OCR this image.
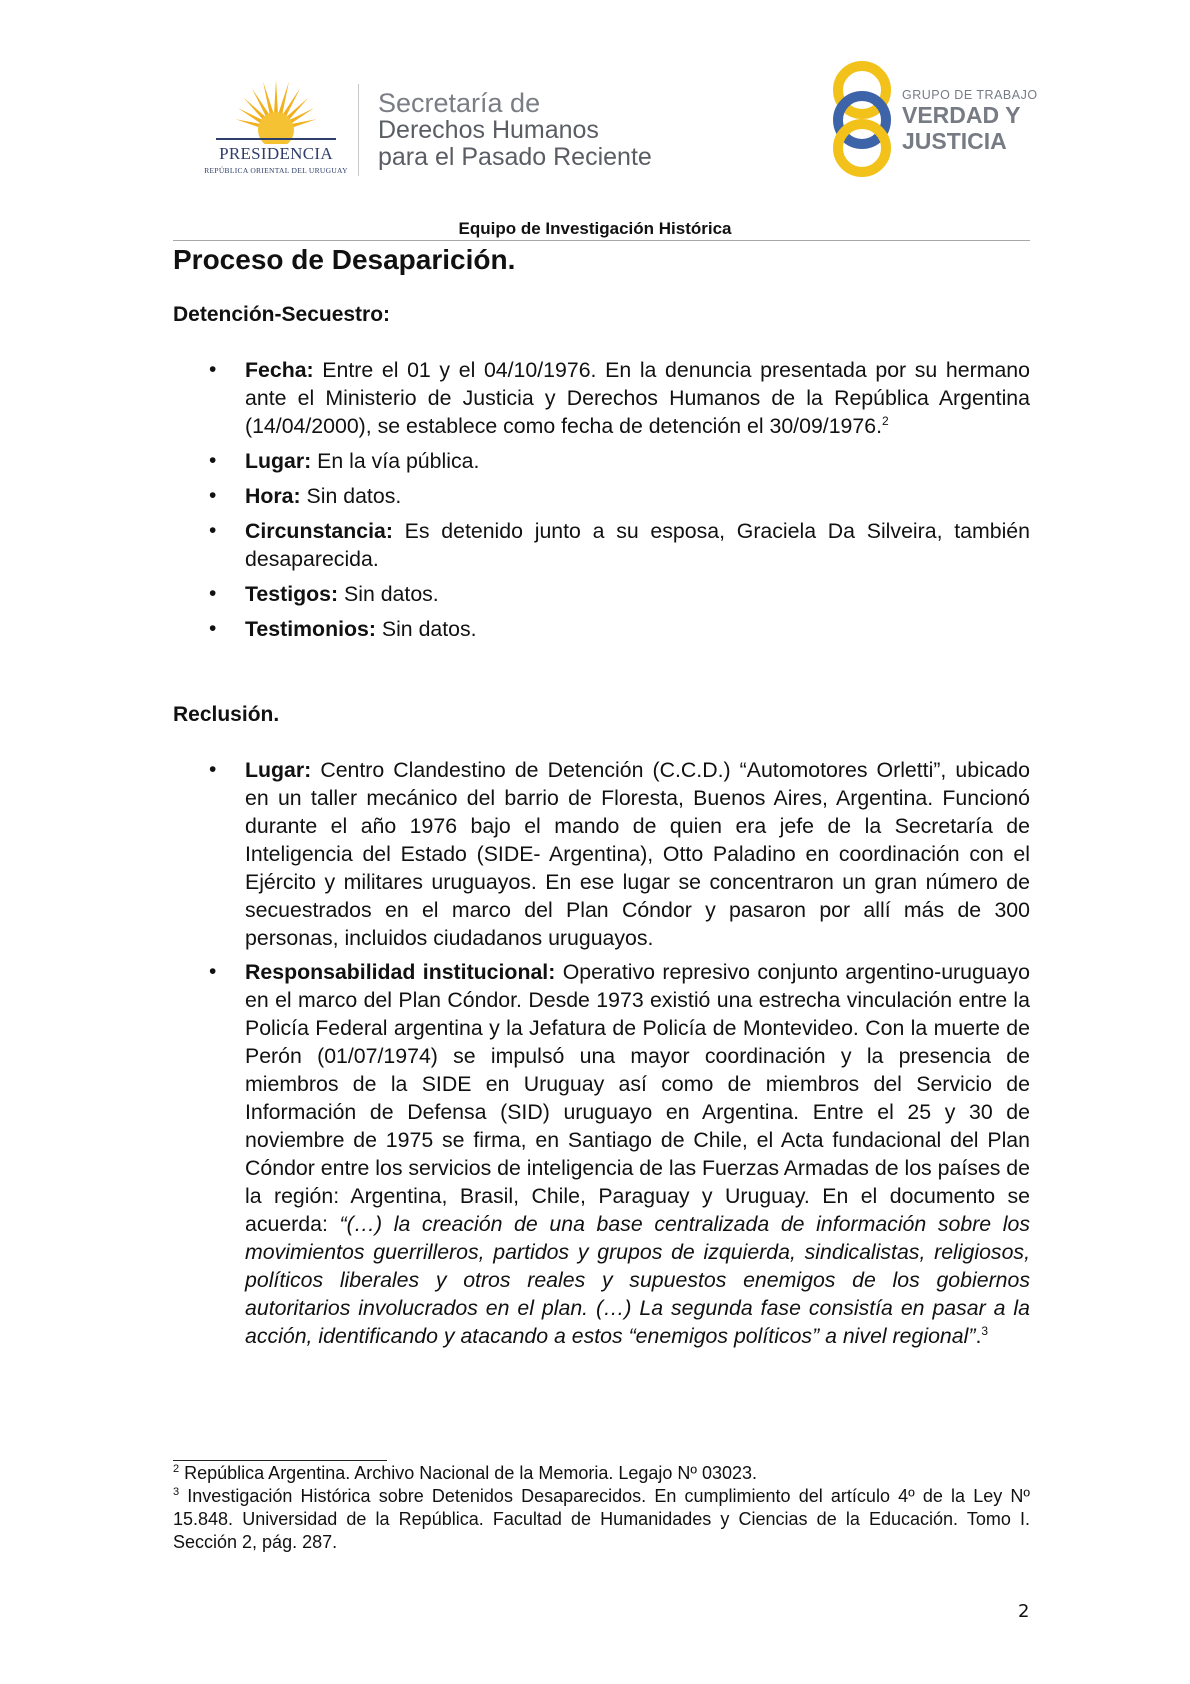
PRESIDENCIA
REPÚBLICA ORIENTAL DEL URUGUAY
Secretaría de
Derechos Humanos
para el Pasado Reciente
GRUPO DE TRABAJO
VERDAD Y
JUSTICIA
Equipo de Investigación Histórica
Proceso de Desaparición.
Detención-Secuestro:
• Fecha: Entre el 01 y el 04/10/1976. En la denuncia presentada por su hermano ante el Ministerio de Justicia y Derechos Humanos de la República Argentina (14/04/2000), se establece como fecha de detención el 30/09/1976.$^2$
• Lugar: En la vía pública.
• Hora: Sin datos.
• Circunstancia: Es detenido junto a su esposa, Graciela Da Silveira, también desaparecida.
• Testigos: Sin datos.
• Testimonios: Sin datos.
Reclusión.
• Lugar: Centro Clandestino de Detención (C.C.D.) “Automotores Orletti”, ubicado en un taller mecánico del barrio de Floresta, Buenos Aires, Argentina. Funcionó durante el año 1976 bajo el mando de quien era jefe de la Secretaría de Inteligencia del Estado (SIDE- Argentina), Otto Paladino en coordinación con el Ejército y militares uruguayos. En ese lugar se concentraron un gran número de secuestrados en el marco del Plan Cóndor y pasaron por allí más de 300 personas, incluidos ciudadanos uruguayos.
• Responsabilidad institucional: Operativo represivo conjunto argentino-uruguayo en el marco del Plan Cóndor. Desde 1973 existió una estrecha vinculación entre la Policía Federal argentina y la Jefatura de Policía de Montevideo. Con la muerte de Perón (01/07/1974) se impulsó una mayor coordinación y la presencia de miembros de la SIDE en Uruguay así como de miembros del Servicio de Información de Defensa (SID) uruguayo en Argentina. Entre el 25 y 30 de noviembre de 1975 se firma, en Santiago de Chile, el Acta fundacional del Plan Cóndor entre los servicios de inteligencia de las Fuerzas Armadas de los países de la región: Argentina, Brasil, Chile, Paraguay y Uruguay. En el documento se acuerda: “(…) la creación de una base centralizada de información sobre los movimientos guerrilleros, partidos y grupos de izquierda, sindicalistas, religiosos, políticos liberales y otros reales y supuestos enemigos de los gobiernos autoritarios involucrados en el plan. (…) La segunda fase consistía en pasar a la acción, identificando y atacando a estos “enemigos políticos” a nivel regional”.$^3$

$^2$ República Argentina. Archivo Nacional de la Memoria. Legajo Nº 03023.

$^3$ Investigación Histórica sobre Detenidos Desaparecidos. En cumplimiento del artículo 4º de la Ley Nº 15.848. Universidad de la República. Facultad de Humanidades y Ciencias de la Educación. Tomo I. Sección 2, pág. 287.

2
